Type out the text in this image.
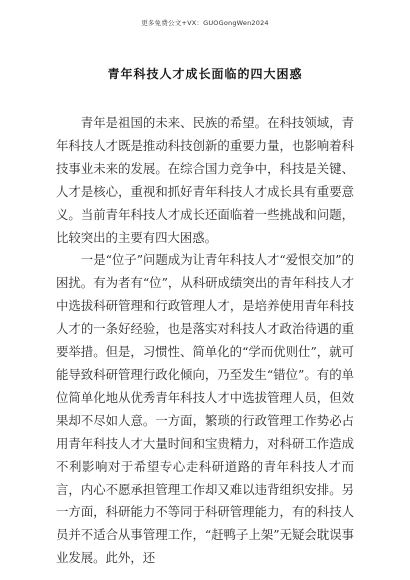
更多免费公文+VX：GUOGongWen2024
青年科技人才成长面临的四大困惑

青年是祖国的未来、民族的希望。在科技领域，青年科技人才既是推动科技创新的重要力量，也影响着科技事业未来的发展。在综合国力竞争中，科技是关键、人才是核心，重视和抓好青年科技人才成长具有重要意义。当前青年科技人才成长还面临着一些挑战和问题，比较突出的主要有四大困惑。

一是“位子”问题成为让青年科技人才“爱恨交加”的困扰。有为者有“位”，从科研成绩突出的青年科技人才中选拔科研管理和行政管理人才，是培养使用青年科技人才的一条好经验，也是落实对科技人才政治待遇的重要举措。但是，习惯性、简单化的“学而优则仕”，就可能导致科研管理行政化倾向，乃至发生“错位”。有的单位简单化地从优秀青年科技人才中选拔管理人员，但效果却不尽如人意。一方面，繁琐的行政管理工作势必占用青年科技人才大量时间和宝贵精力，对科研工作造成不利影响对于希望专心走科研道路的青年科技人才而言，内心不愿承担管理工作却又难以违背组织安排。另一方面，科研能力不等同于科研管理能力，有的科技人员并不适合从事管理工作，“赶鸭子上架”无疑会耽误事业发展。此外，还
